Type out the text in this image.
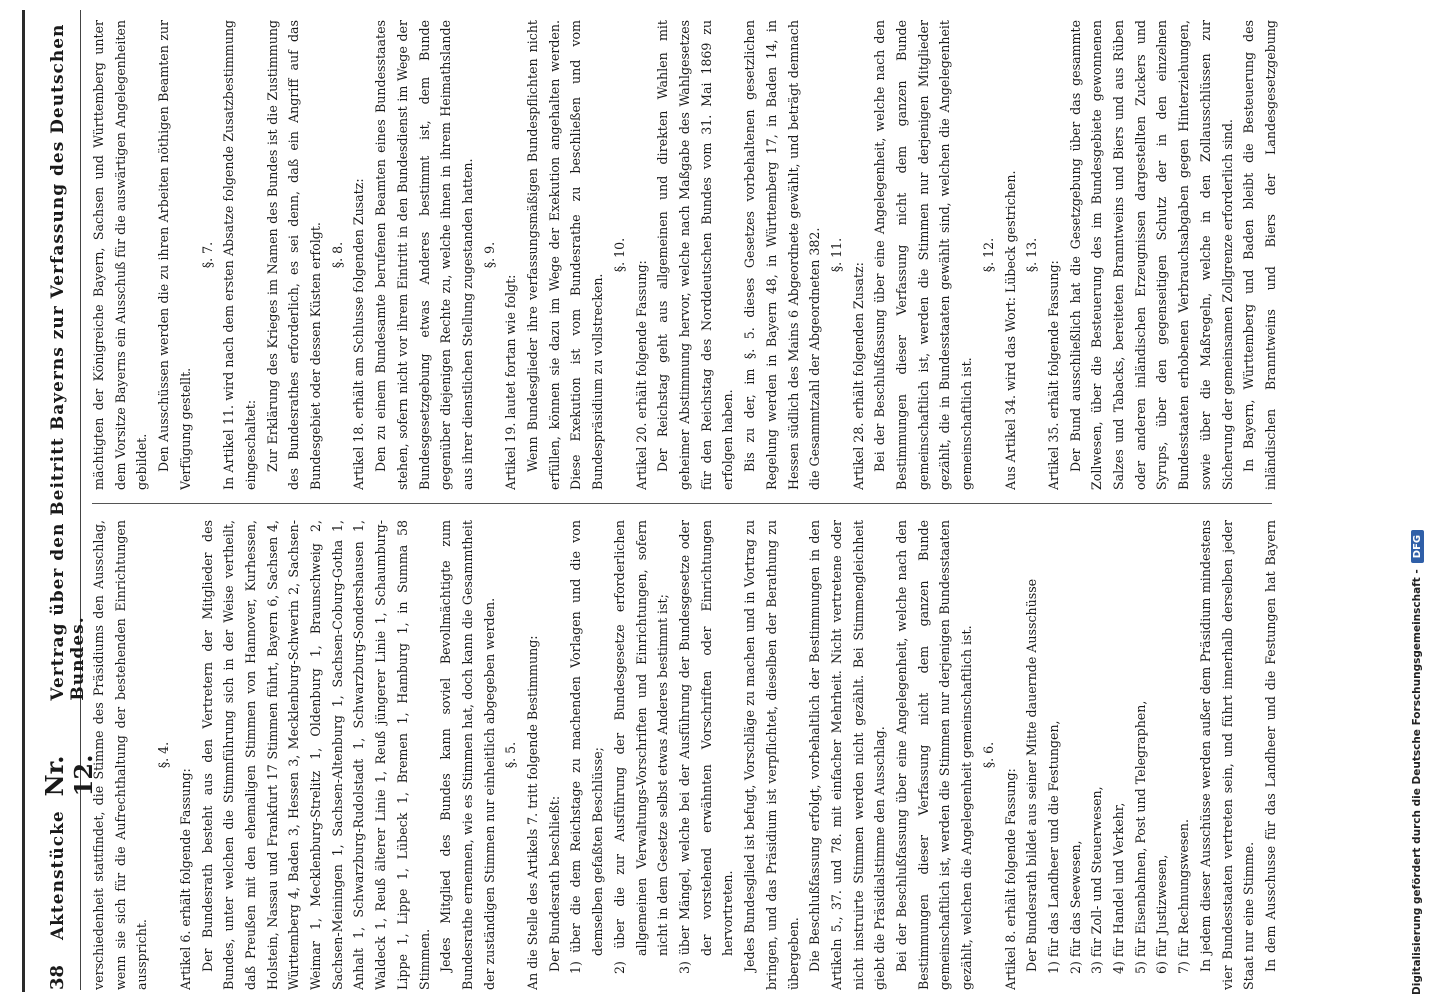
38
Aktenstücke
Nr. 12.
Vertrag über den Beitritt Bayerns zur Verfassung des Deutschen Bundes. verschiedenheit stattfindet, die Stimme des Präsidiums den Ausschlag, wenn sie sich für die Aufrechthaltung der bestehenden Einrichtungen ausspricht.

§. 4.

Artikel 6. erhält folgende Fassung: Der Bundesrath besteht aus den Vertretern der Mitglieder des Bundes, unter welchen die Stimmführung sich in der Weise vertheilt, daß Preußen mit den ehemaligen Stimmen von Hannover, Kurhessen, Holstein, Nassau und Frankfurt 17 Stimmen führt, Bayern 6, Sachsen 4, Württemberg 4, Baden 3, Hessen 3, Mecklenburg-Schwerin 2, Sachsen-Weimar 1, Mecklenburg-Strelitz 1, Oldenburg 1, Braunschweig 2, Sachsen-Meiningen 1, Sachsen-Altenburg 1, Sachsen-Coburg-Gotha 1, Anhalt 1, Schwarzburg-Rudolstadt 1, Schwarzburg-Sondershausen 1, Waldeck 1, Reuß älterer Linie 1, Reuß jüngerer Linie 1, Schaumburg-Lippe 1, Lippe 1, Lübeck 1, Bremen 1, Hamburg 1, in Summa 58 Stimmen. Jedes Mitglied des Bundes kann soviel Bevollmächtigte zum Bundesrathe ernennen, wie es Stimmen hat, doch kann die Gesammtheit der zuständigen Stimmen nur einheitlich abgegeben werden. §. 5. An die Stelle des Artikels 7. tritt folgende Bestimmung: Der Bundesrath beschließt: 1) über die dem Reichstage zu machenden Vorlagen und die von demselben gefaßten Beschlüsse; 2) über die zur Ausführung der Bundesgesetze erforderlichen allgemeinen Verwaltungs-Vorschriften und Einrichtungen, sofern nicht in dem Gesetze selbst etwas Anderes bestimmt ist; 3) über Mängel, welche bei der Ausführung der Bundesgesetze oder der vorstehend erwähnten Vorschriften oder Einrichtungen hervortreten. Jedes Bundesglied ist befugt, Vorschläge zu machen und in Vortrag zu bringen, und das Präsidium ist verpflichtet, dieselben der Berathung zu übergeben. Die Beschlußfassung erfolgt, vorbehaltlich der Bestimmungen in den Artikeln 5., 37. und 78. mit einfacher Mehrheit. Nicht vertretene oder nicht instruirte Stimmen werden nicht gezählt. Bei Stimmengleichheit giebt die Präsidialstimme den Ausschlag. Bei der Beschlußfassung über eine Angelegenheit, welche nach den Bestimmungen dieser Verfassung nicht dem ganzen Bunde gemeinschaftlich ist, werden die Stimmen nur derjenigen Bundesstaaten gezählt, welchen die Angelegenheit gemeinschaftlich ist. §. 6.

Artikel 8. erhält folgende Fassung: Der Bundesrath bildet aus seiner Mitte dauernde Ausschüsse 1) für das Landheer und die Festungen, 2) für das Seewesen, 3) für Zoll- und Steuerwesen, 4) für Handel und Verkehr, 5) für Eisenbahnen, Post und Telegraphen, 6) für Justizwesen, 7) für Rechnungswesen. In jedem dieser Ausschüsse werden außer dem Präsidium mindestens vier Bundesstaaten vertreten sein, und führt innerhalb derselben jeder Staat nur eine Stimme. In dem Ausschusse für das Landheer und die Festungen hat Bayern

mächtigten der Königreiche Bayern, Sachsen und Württemberg unter dem Vorsitze Bayerns ein Ausschuß für die auswärtigen Angelegenheiten gebildet. Den Ausschüssen werden die zu ihren Arbeiten nöthigen Beamten zur Verfügung gestellt.

§. 7. In Artikel 11. wird nach dem ersten Absatze folgende Zusatzbestimmung eingeschaltet: Zur Erklärung des Krieges im Namen des Bundes ist die Zustimmung des Bundesrathes erforderlich, es sei denn, daß ein Angriff auf das Bundesgebiet oder dessen Küsten erfolgt. §. 8. Artikel 18. erhält am Schlusse folgenden Zusatz: Den zu einem Bundesamte berufenen Beamten eines Bundesstaates stehen, sofern nicht vor ihrem Eintritt in den Bundesdienst im Wege der Bundesgesetzgebung etwas Anderes bestimmt ist, dem Bunde gegenüber diejenigen Rechte zu, welche ihnen in ihrem Heimathslande aus ihrer dienstlichen Stellung zugestanden hatten. §. 9.

Artikel 19. lautet fortan wie folgt: Wenn Bundesglieder ihre verfassungsmäßigen Bundespflichten nicht erfüllen, können sie dazu im Wege der Exekution angehalten werden. Diese Exekution ist vom Bundesrathe zu beschließen und vom Bundespräsidium zu vollstrecken.

§. 10.

Artikel 20. erhält folgende Fassung: Der Reichstag geht aus allgemeinen und direkten Wahlen mit geheimer Abstimmung hervor, welche nach Maßgabe des Wahlgesetzes für den Reichstag des Norddeutschen Bundes vom 31. Mai 1869 zu erfolgen haben. Bis zu der, im §. 5. dieses Gesetzes vorbehaltenen gesetzlichen Regelung werden in Bayern 48, in Württemberg 17, in Baden 14, in Hessen südlich des Mains 6 Abgeordnete gewählt, und beträgt demnach die Gesammtzahl der Abgeordneten 382. §. 11.

Artikel 28. erhält folgenden Zusatz: Bei der Beschlußfassung über eine Angelegenheit, welche nach den Bestimmungen dieser Verfassung nicht dem ganzen Bunde gemeinschaftlich ist, werden die Stimmen nur derjenigen Mitglieder gezählt, die in Bundesstaaten gewählt sind, welchen die Angelegenheit gemeinschaftlich ist.

§. 12. Aus Artikel 34. wird das Wort: Lübeck gestrichen. §. 13.

Artikel 35. erhält folgende Fassung: Der Bund ausschließlich hat die Gesetzgebung über das gesammte Zollwesen, über die Besteuerung des im Bundesgebiete gewonnenen Salzes und Tabacks, bereiteten Branntweins und Biers und aus Rüben oder anderen inländischen Erzeugnissen dargestellten Zuckers und Syrups, über den gegenseitigen Schutz der in den einzelnen Bundesstaaten erhobenen Verbrauchsabgaben gegen Hinterziehungen, sowie über die Maßregeln, welche in den Zollausschlüssen zur Sicherung der gemeinsamen Zollgrenze erforderlich sind. In Bayern, Württemberg und Baden bleibt die Besteuerung des inländischen Branntweins und Biers der Landesgesetzgebung

Digitalisierung gefördert durch die Deutsche Forschungsgemeinschaft -
DFG
